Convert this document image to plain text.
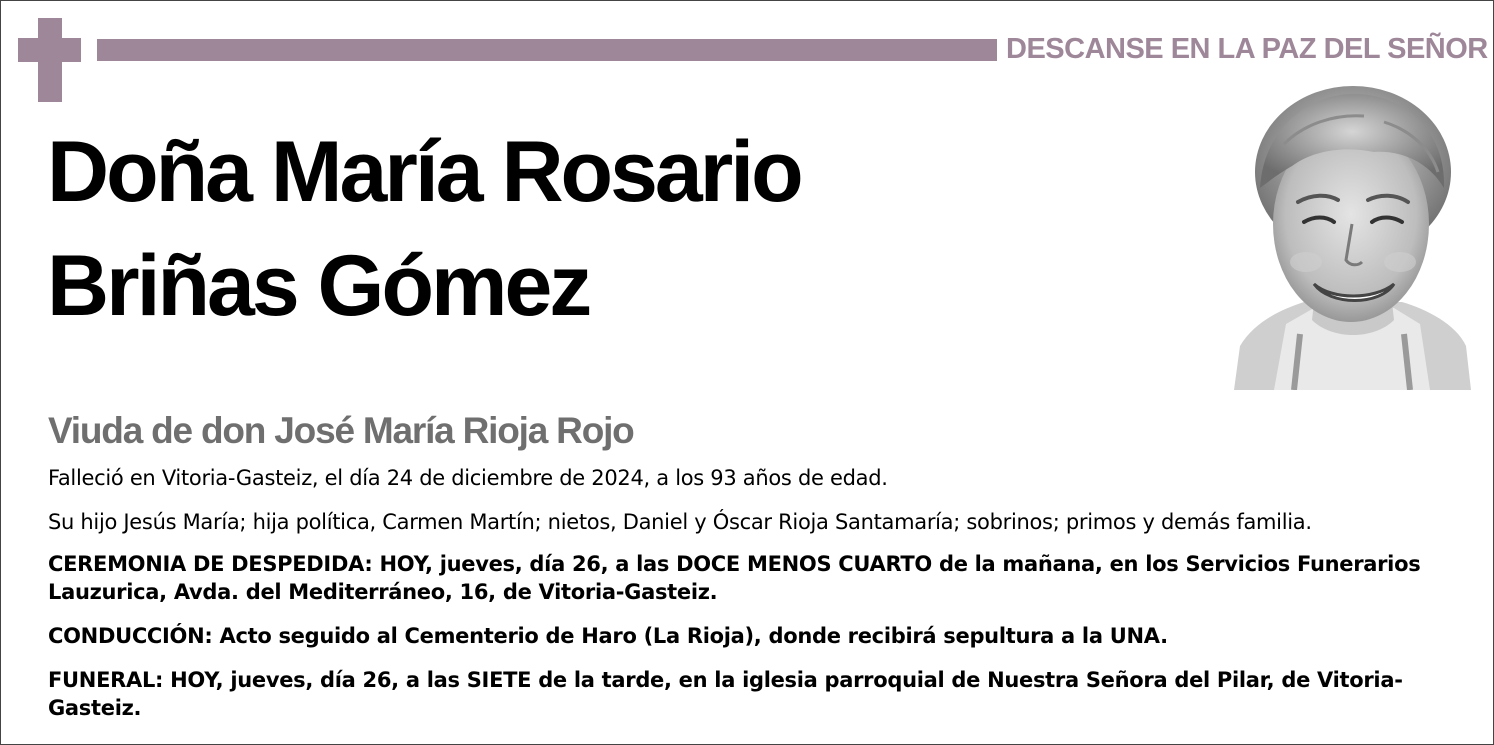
DESCANSE EN LA PAZ DEL SEÑOR
Doña María Rosario
Briñas Gómez
Viuda de don José María Rioja Rojo
Falleció en Vitoria-Gasteiz, el día 24 de diciembre de 2024, a los 93 años de edad.
Su hijo Jesús María; hija política, Carmen Martín; nietos, Daniel y Óscar Rioja Santamaría; sobrinos; primos y demás familia.
CEREMONIA DE DESPEDIDA: HOY, jueves, día 26, a las DOCE MENOS CUARTO de la mañana, en los Servicios Funerarios Lauzurica, Avda. del Mediterráneo, 16, de Vitoria-Gasteiz.
CONDUCCIÓN: Acto seguido al Cementerio de Haro (La Rioja), donde recibirá sepultura a la UNA.
FUNERAL: HOY, jueves, día 26, a las SIETE de la tarde, en la iglesia parroquial de Nuestra Señora del Pilar, de Vitoria-Gasteiz.
